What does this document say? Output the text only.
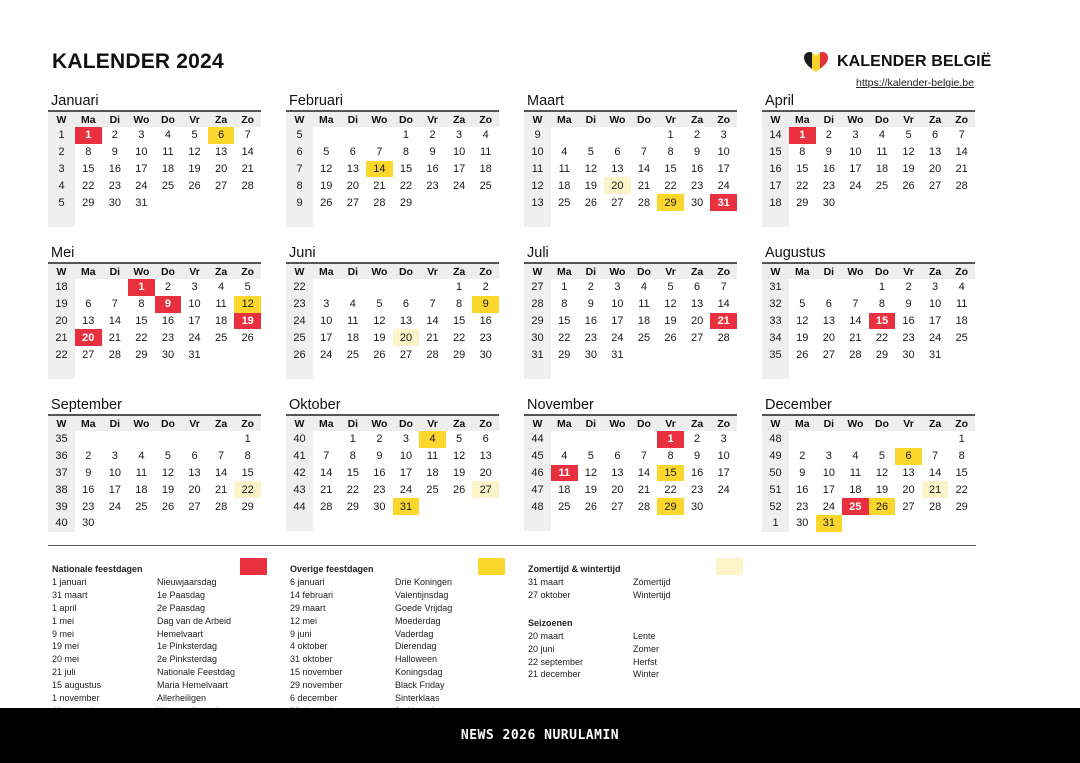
KALENDER 2024	KALENDER BELGIË
https://kalender-belgie.be
Januari
W	Ma	Di	Wo	Do	Vr	Za	Zo
1	1	2	3	4	5	6	7
2	8	9	10	11	12	13	14
3	15	16	17	18	19	20	21
4	22	23	24	25	26	27	28
5	29	30	31				

Februari
W	Ma	Di	Wo	Do	Vr	Za	Zo
5				1	2	3	4
6	5	6	7	8	9	10	11
7	12	13	14	15	16	17	18
8	19	20	21	22	23	24	25
9	26	27	28	29			

Maart
W	Ma	Di	Wo	Do	Vr	Za	Zo
9					1	2	3
10	4	5	6	7	8	9	10
11	11	12	13	14	15	16	17
12	18	19	20	21	22	23	24
13	25	26	27	28	29	30	31

April
W	Ma	Di	Wo	Do	Vr	Za	Zo
14	1	2	3	4	5	6	7
15	8	9	10	11	12	13	14
16	15	16	17	18	19	20	21
17	22	23	24	25	26	27	28
18	29	30					

Mei
W	Ma	Di	Wo	Do	Vr	Za	Zo
18			1	2	3	4	5
19	6	7	8	9	10	11	12
20	13	14	15	16	17	18	19
21	20	21	22	23	24	25	26
22	27	28	29	30	31		

Juni
W	Ma	Di	Wo	Do	Vr	Za	Zo
22						1	2
23	3	4	5	6	7	8	9
24	10	11	12	13	14	15	16
25	17	18	19	20	21	22	23
26	24	25	26	27	28	29	30

Juli
W	Ma	Di	Wo	Do	Vr	Za	Zo
27	1	2	3	4	5	6	7
28	8	9	10	11	12	13	14
29	15	16	17	18	19	20	21
30	22	23	24	25	26	27	28
31	29	30	31				

Augustus
W	Ma	Di	Wo	Do	Vr	Za	Zo
31				1	2	3	4
32	5	6	7	8	9	10	11
33	12	13	14	15	16	17	18
34	19	20	21	22	23	24	25
35	26	27	28	29	30	31	

September
W	Ma	Di	Wo	Do	Vr	Za	Zo
35							1
36	2	3	4	5	6	7	8
37	9	10	11	12	13	14	15
38	16	17	18	19	20	21	22
39	23	24	25	26	27	28	29
40	30						
Oktober
W	Ma	Di	Wo	Do	Vr	Za	Zo
40		1	2	3	4	5	6
41	7	8	9	10	11	12	13
42	14	15	16	17	18	19	20
43	21	22	23	24	25	26	27
44	28	29	30	31			

November
W	Ma	Di	Wo	Do	Vr	Za	Zo
44					1	2	3
45	4	5	6	7	8	9	10
46	11	12	13	14	15	16	17
47	18	19	20	21	22	23	24
48	25	26	27	28	29	30	

December
W	Ma	Di	Wo	Do	Vr	Za	Zo
48							1
49	2	3	4	5	6	7	8
50	9	10	11	12	13	14	15
51	16	17	18	19	20	21	22
52	23	24	25	26	27	28	29
1	30	31					
Nationale feestdagen
1 januari	Nieuwjaarsdag
31 maart	1e Paasdag
1 april	2e Paasdag
1 mei	Dag van de Arbeid
9 mei	Hemelvaart
19 mei	1e Pinksterdag
20 mei	2e Pinksterdag
21 juli	Nationale Feestdag
15 augustus	Maria Hemelvaart
1 november	Allerheiligen
Overige feestdagen
6 januari	Drie Koningen
14 februari	Valentijnsdag
29 maart	Goede Vrijdag
12 mei	Moederdag
9 juni	Vaderdag
4 oktober	Dierendag
31 oktober	Halloween
15 november	Koningsdag
29 november	Black Friday
6 december	Sinterklaas
Zomertijd & wintertijd
31 maart	Zomertijd
27 oktober	Wintertijd
Seizoenen
20 maart	Lente
20 juni	Zomer
22 september	Herfst
21 december	Winter
NEWS 2026 NURULAMIN
